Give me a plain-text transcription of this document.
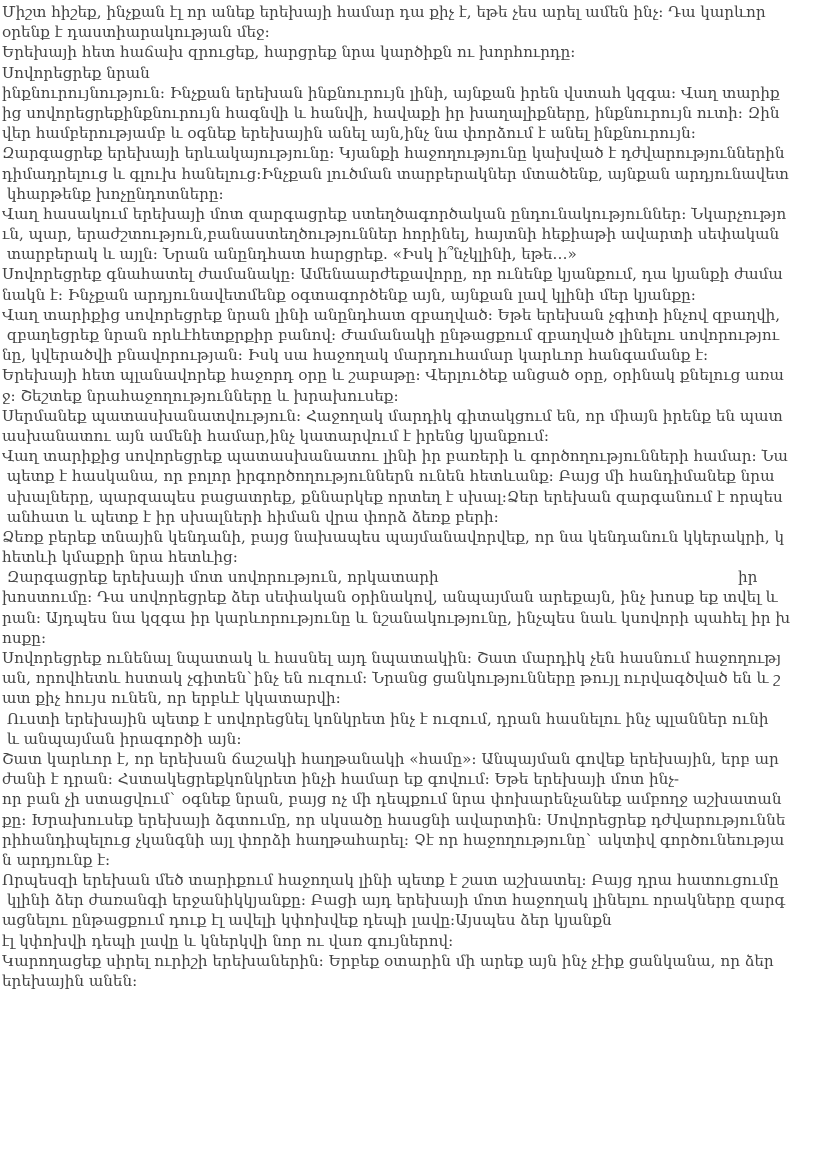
Միշտ հիշեք, ինչքան էլ որ անեք երեխայի համար դա քիչ է, եթե չես արել ամեն ինչ: Դա կարևոր
օրենք է դաստիարակության մեջ:
Երեխայի հետ հաճախ զրուցեք, հարցրեք նրա կարծիքն ու խորհուրդը:
Սովորեցրեք նրան
ինքնուրույնություն: Ինչքան երեխան ինքնուրույն լինի, այնքան իրեն վստահ կզգա: Վաղ տարիք
ից սովորեցրեքինքնուրույն հագնվի և հանվի, հավաքի իր խաղալիքները, ինքնուրույն ուտի: Զին
վեր համբերությամբ և օգնեք երեխային անել այն,ինչ նա փորձում է անել ինքնուրույն:
Զարգացրեք երեխայի երևակայությունը: Կյանքի հաջողությունը կախված է դժվարություններին
դիմադրելուց և գլուխ հանելուց:Ինչքան լուծման տարբերակներ մտածենք, այնքան արդյունավետ
կհարթենք խոչընդոտները:
Վաղ հասակում երեխայի մոտ զարգացրեք ստեղծագործական ընդունակություններ: Նկարչությո
ւն, պար, երաժշտություն,բանաստեղծություններ հորինել, հայտնի հեքիաթի ավարտի սեփական
տարբերակ և այլն: Նրան անընդհատ հարցրեք. «Իսկ ի՞նչկլինի, եթե…»
Սովորեցրեք գնահատել ժամանակը: Ամենաարժեքավորը, որ ունենք կյանքում, դա կյանքի ժամա
նակն է: Ինչքան արդյունավետմենք օգտագործենք այն, այնքան լավ կլինի մեր կյանքը:
Վաղ տարիքից սովորեցրեք նրան լինի անընդհատ զբաղված: Եթե երեխան չգիտի ինչով զբաղվի,
զբաղեցրեք նրան որևէհետքրքիր բանով: Ժամանակի ընթացքում զբաղված լինելու սովորությու
նը, կվերածվի բնավորության: Իսկ սա հաջողակ մարդուհամար կարևոր հանգամանք է:
Երեխայի հետ պլանավորեք հաջորդ օրը և շաբաթը: Վերլուծեք անցած օրը, օրինակ քնելուց առա
ջ: Շեշտեք նրահաջողությունները և խրախուսեք:
Սերմանեք պատասխանատվություն: Հաջողակ մարդիկ գիտակցում են, որ միայն իրենք են պատ
ասխանատու այն ամենի համար,ինչ կատարվում է իրենց կյանքում:
Վաղ տարիքից սովորեցրեք պատասխանատու լինի իր բառերի և գործողությունների համար: Նա
պետք է հասկանա, որ բոլոր իրգործողություններն ունեն հետևանք: Բայց մի հանդիմանեք նրա
սխալները, պարզապես բացատրեք, քննարկեք որտեղ է սխալ:Ձեր երեխան զարգանում է որպես
անհատ և պետք է իր սխալների հիման վրա փորձ ձեռք բերի:
Ձեռք բերեք տնային կենդանի, բայց նախապես պայմանավորվեք, որ նա կենդանուն կկերակրի, կ
հետևի կմաքրի նրա հետևից:
Զարգացրեք երեխայի մոտ սովորություն, որկատարի                                                              իր
խոստումը: Դա սովորեցրեք ձեր սեփական օրինակով, անպայման արեքայն, ինչ խոսք եք տվել և
րան: Այդպես նա կզգա իր կարևորությունը և նշանակությունը, ինչպես նաև կսովորի պահել իր խ
ոսքը:
Սովորեցրեք ունենալ նպատակ և հասնել այդ նպատակին: Շատ մարդիկ չեն հասնում հաջողությ
ան, որովհետև հստակ չգիտեն`ինչ են ուզում: Նրանց ցանկությունները թույլ ուրվագծված են և շ
ատ քիչ հույս ունեն, որ երբևէ կկատարվի:
Ուստի երեխային պետք է սովորեցնել կոնկրետ ինչ է ուզում, դրան հասնելու ինչ պլաններ ունի
և անպայման իրագործի այն:
Շատ կարևոր է, որ երեխան ճաշակի հաղթանակի «համը»: Անպայման գովեք երեխային, երբ ար
ժանի է դրան: Հստակեցրեքկոնկրետ ինչի համար եք գովում: Եթե երեխայի մոտ ինչ-
որ բան չի ստացվում` օգնեք նրան, բայց ոչ մի դեպքում նրա փոխարենչանեք ամբողջ աշխատան
քը: Խրախուսեք երեխայի ձգտումը, որ սկսածը հասցնի ավարտին: Սովորեցրեք դժվարություննե
րիհանդիպելուց չկանգնի այլ փորձի հաղթահարել: Չէ որ հաջողությունը` ակտիվ գործունեությա
ն արդյունք է:
Որպեսզի երեխան մեծ տարիքում հաջողակ լինի պետք է շատ աշխատել: Բայց դրա հատուցումը
կլինի ձեր ժառանգի երջանիկկյանքը: Բացի այդ երեխայի մոտ հաջողակ լինելու որակները զարգ
ացնելու ընթացքում դուք էլ ավելի կփոխվեք դեպի լավը:Այսպես ձեր կյանքն
էլ կփոխվի դեպի լավը և կներկվի նոր ու վառ գույներով:
Կարողացեք սիրել ուրիշի երեխաներին: Երբեք օտարին մի արեք այն ինչ չէիք ցանկանա, որ ձեր
երեխային անեն:
